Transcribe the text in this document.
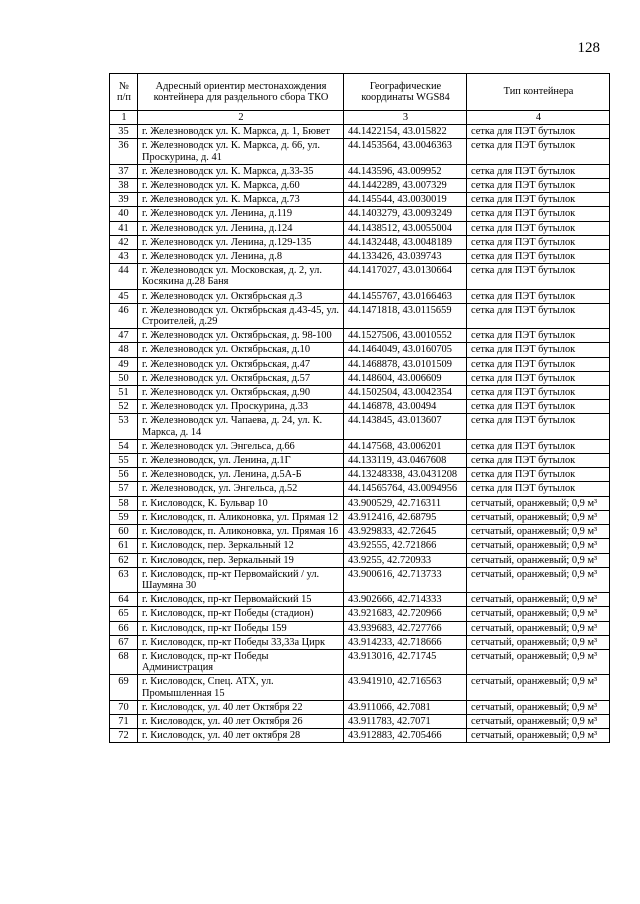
128
№ п/п	Адресный ориентир местонахождения контейнера для раздельного сбора ТКО	Географические координаты WGS84	Тип контейнера
1	2	3	4
35	г. Железноводск ул. К. Маркса, д. 1, Бювет	44.1422154, 43.015822	сетка для ПЭТ бутылок
36	г. Железноводск ул. К. Маркса, д. 66, ул. Проскурина, д. 41	44.1453564, 43.0046363	сетка для ПЭТ бутылок
37	г. Железноводск ул. К. Маркса, д.33-35	44.143596, 43.009952	сетка для ПЭТ бутылок
38	г. Железноводск ул. К. Маркса, д.60	44.1442289, 43.007329	сетка для ПЭТ бутылок
39	г. Железноводск ул. К. Маркса, д.73	44.145544, 43.0030019	сетка для ПЭТ бутылок
40	г. Железноводск ул. Ленина, д.119	44.1403279, 43.0093249	сетка для ПЭТ бутылок
41	г. Железноводск ул. Ленина, д.124	44.1438512, 43.0055004	сетка для ПЭТ бутылок
42	г. Железноводск ул. Ленина, д.129-135	44.1432448, 43.0048189	сетка для ПЭТ бутылок
43	г. Железноводск ул. Ленина, д.8	44.133426, 43.039743	сетка для ПЭТ бутылок
44	г. Железноводск ул. Московская, д. 2, ул. Косякина д.28 Баня	44.1417027, 43.0130664	сетка для ПЭТ бутылок
45	г. Железноводск ул. Октябрьская д.3	44.1455767, 43.0166463	сетка для ПЭТ бутылок
46	г. Железноводск ул. Октябрьская д.43-45, ул. Строителей, д.29	44.1471818, 43.0115659	сетка для ПЭТ бутылок
47	г. Железноводск ул. Октябрьская, д. 98-100	44.1527506, 43.0010552	сетка для ПЭТ бутылок
48	г. Железноводск ул. Октябрьская, д.10	44.1464049, 43.0160705	сетка для ПЭТ бутылок
49	г. Железноводск ул. Октябрьская, д.47	44.1468878, 43.0101509	сетка для ПЭТ бутылок
50	г. Железноводск ул. Октябрьская, д.57	44.148604, 43.006609	сетка для ПЭТ бутылок
51	г. Железноводск ул. Октябрьская, д.90	44.1502504, 43.0042354	сетка для ПЭТ бутылок
52	г. Железноводск ул. Проскурина, д.33	44.146878, 43.00494	сетка для ПЭТ бутылок
53	г. Железноводск ул. Чапаева, д. 24, ул. К. Маркса, д. 14	44.143845, 43.013607	сетка для ПЭТ бутылок
54	г. Железноводск ул. Энгельса, д.66	44.147568, 43.006201	сетка для ПЭТ бутылок
55	г. Железноводск, ул. Ленина, д.1Г	44.133119, 43.0467608	сетка для ПЭТ бутылок
56	г. Железноводск, ул. Ленина, д.5А-Б	44.13248338, 43.0431208	сетка для ПЭТ бутылок
57	г. Железноводск, ул. Энгельса, д.52	44.14565764, 43.0094956	сетка для ПЭТ бутылок
58	г. Кисловодск, К. Бульвар 10	43.900529, 42.716311	сетчатый, оранжевый; 0,9 м³
59	г. Кисловодск, п. Аликоновка, ул. Прямая 12	43.912416, 42.68795	сетчатый, оранжевый; 0,9 м³
60	г. Кисловодск, п. Аликоновка, ул. Прямая 16	43.929833, 42.72645	сетчатый, оранжевый; 0,9 м³
61	г. Кисловодск, пер. Зеркальный 12	43.92555, 42.721866	сетчатый, оранжевый; 0,9 м³
62	г. Кисловодск, пер. Зеркальный 19	43.9255, 42.720933	сетчатый, оранжевый; 0,9 м³
63	г. Кисловодск, пр-кт Первомайский / ул. Шаумяна 30	43.900616, 42.713733	сетчатый, оранжевый; 0,9 м³
64	г. Кисловодск, пр-кт Первомайский 15	43.902666, 42.714333	сетчатый, оранжевый; 0,9 м³
65	г. Кисловодск, пр-кт Победы (стадион)	43.921683, 42.720966	сетчатый, оранжевый; 0,9 м³
66	г. Кисловодск, пр-кт Победы 159	43.939683, 42.727766	сетчатый, оранжевый; 0,9 м³
67	г. Кисловодск, пр-кт Победы 33,33а Цирк	43.914233, 42.718666	сетчатый, оранжевый; 0,9 м³
68	г. Кисловодск, пр-кт Победы Администрация	43.913016, 42.71745	сетчатый, оранжевый; 0,9 м³
69	г. Кисловодск, Спец. АТХ, ул. Промышленная 15	43.941910, 42.716563	сетчатый, оранжевый; 0,9 м³
70	г. Кисловодск, ул. 40 лет Октября 22	43.911066, 42.7081	сетчатый, оранжевый; 0,9 м³
71	г. Кисловодск, ул. 40 лет Октября 26	43.911783, 42.7071	сетчатый, оранжевый; 0,9 м³
72	г. Кисловодск, ул. 40 лет октября 28	43.912883, 42.705466	сетчатый, оранжевый; 0,9 м³
